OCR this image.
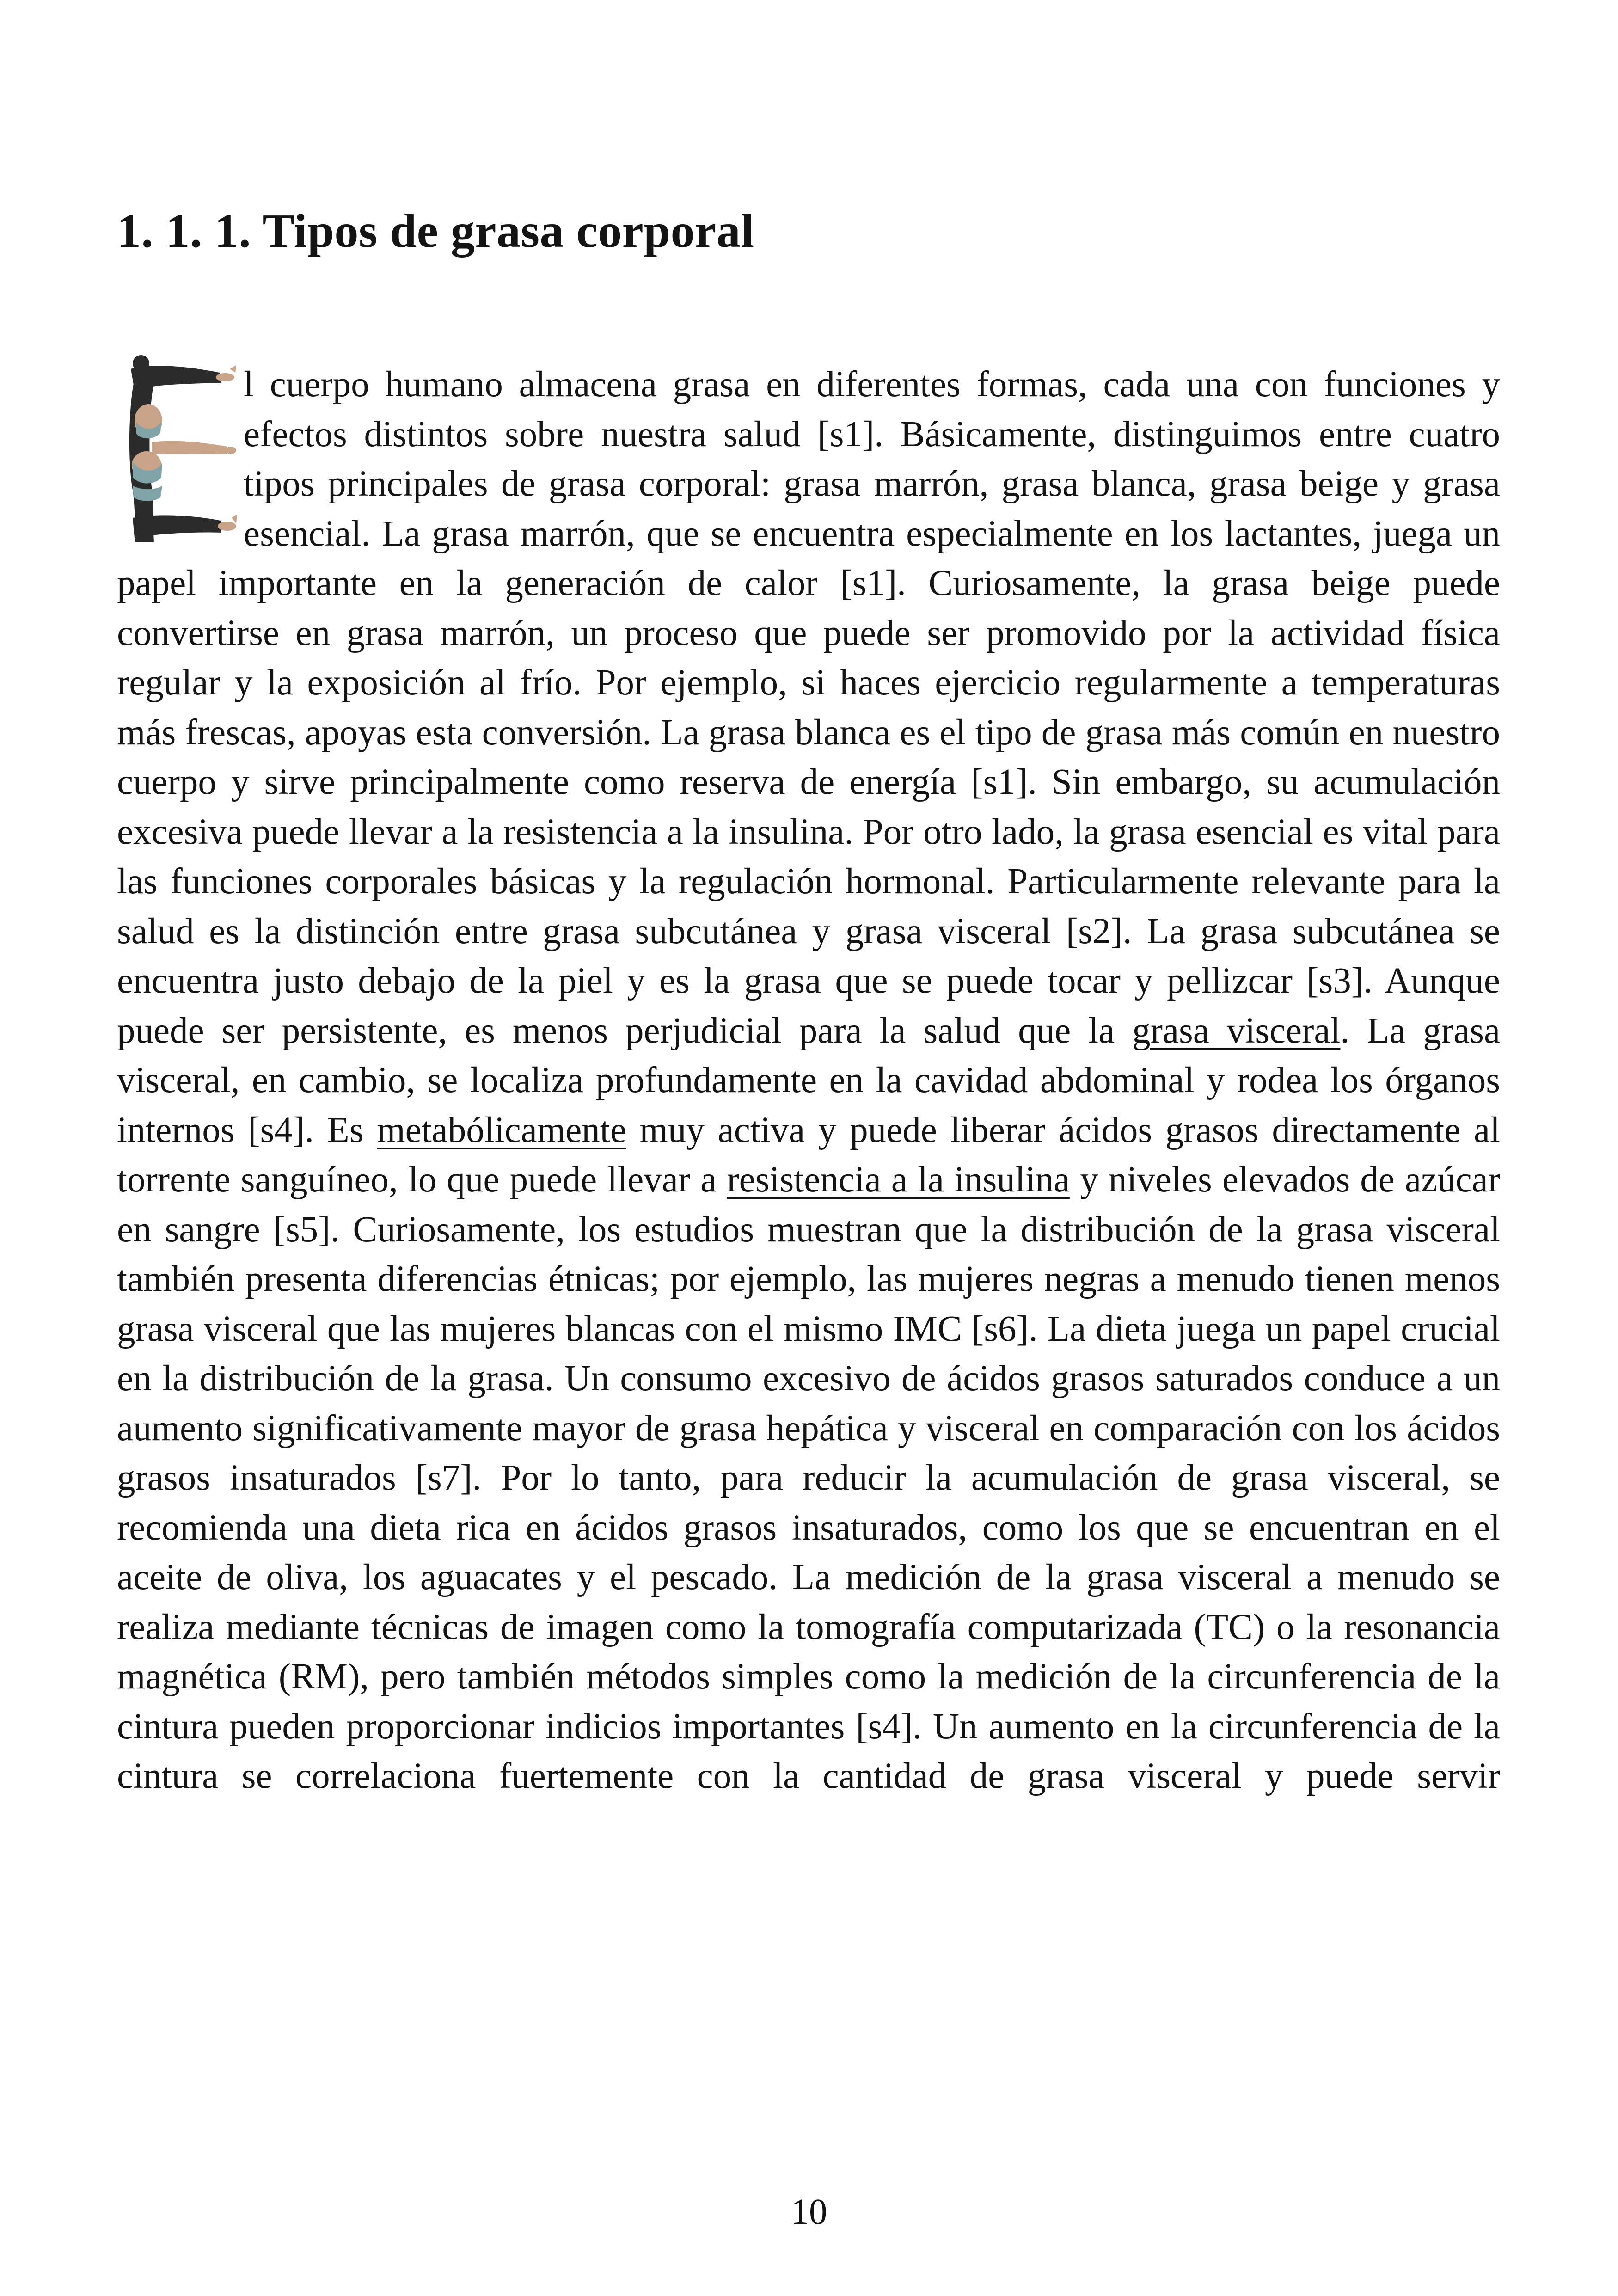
1. 1. 1. Tipos de grasa corporal

l cuerpo humano almacena grasa en diferentes formas, cada una con funciones y efectos distintos sobre nuestra salud [s1]. Básicamente, distinguimos entre cuatro tipos principales de grasa corporal: grasa marrón, grasa blanca, grasa beige y grasa esencial. La grasa marrón, que se encuentra especialmente en los lactantes, juega un papel importante en la generación de calor [s1]. Curiosamente, la grasa beige puede convertirse en grasa marrón, un proceso que puede ser promovido por la actividad física regular y la exposición al frío. Por ejemplo, si haces ejercicio regularmente a temperaturas más frescas, apoyas esta conversión. La grasa blanca es el tipo de grasa más común en nuestro cuerpo y sirve principalmente como reserva de energía [s1]. Sin embargo, su acumulación excesiva puede llevar a la resistencia a la insulina. Por otro lado, la grasa esencial es vital para las funciones corporales básicas y la regulación hormonal. Particularmente relevante para la salud es la distinción entre grasa subcutánea y grasa visceral [s2]. La grasa subcutánea se encuentra justo debajo de la piel y es la grasa que se puede tocar y pellizcar [s3]. Aunque puede ser persistente, es menos perjudicial para la salud que la grasa visceral. La grasa visceral, en cambio, se localiza profundamente en la cavidad abdominal y rodea los órganos internos [s4]. Es metabólicamente muy activa y puede liberar ácidos grasos directamente al torrente sanguíneo, lo que puede llevar a resistencia a la insulina y niveles elevados de azúcar en sangre [s5]. Curiosamente, los estudios muestran que la distribución de la grasa visceral también presenta diferencias étnicas; por ejemplo, las mujeres negras a menudo tienen menos grasa visceral que las mujeres blancas con el mismo IMC [s6]. La dieta juega un papel crucial en la distribución de la grasa. Un consumo excesivo de ácidos grasos saturados conduce a un aumento significativamente mayor de grasa hepática y visceral en comparación con los ácidos grasos insaturados [s7]. Por lo tanto, para reducir la acumulación de grasa visceral, se recomienda una dieta rica en ácidos grasos insaturados, como los que se encuentran en el aceite de oliva, los aguacates y el pescado. La medición de la grasa visceral a menudo se realiza mediante técnicas de imagen como la tomografía computarizada (TC) o la resonancia magnética (RM), pero también métodos simples como la medición de la circunferencia de la cintura pueden proporcionar indicios importantes [s4]. Un aumento en la circunferencia de la cintura se correlaciona fuertemente con la cantidad de grasa visceral y puede servir

10
